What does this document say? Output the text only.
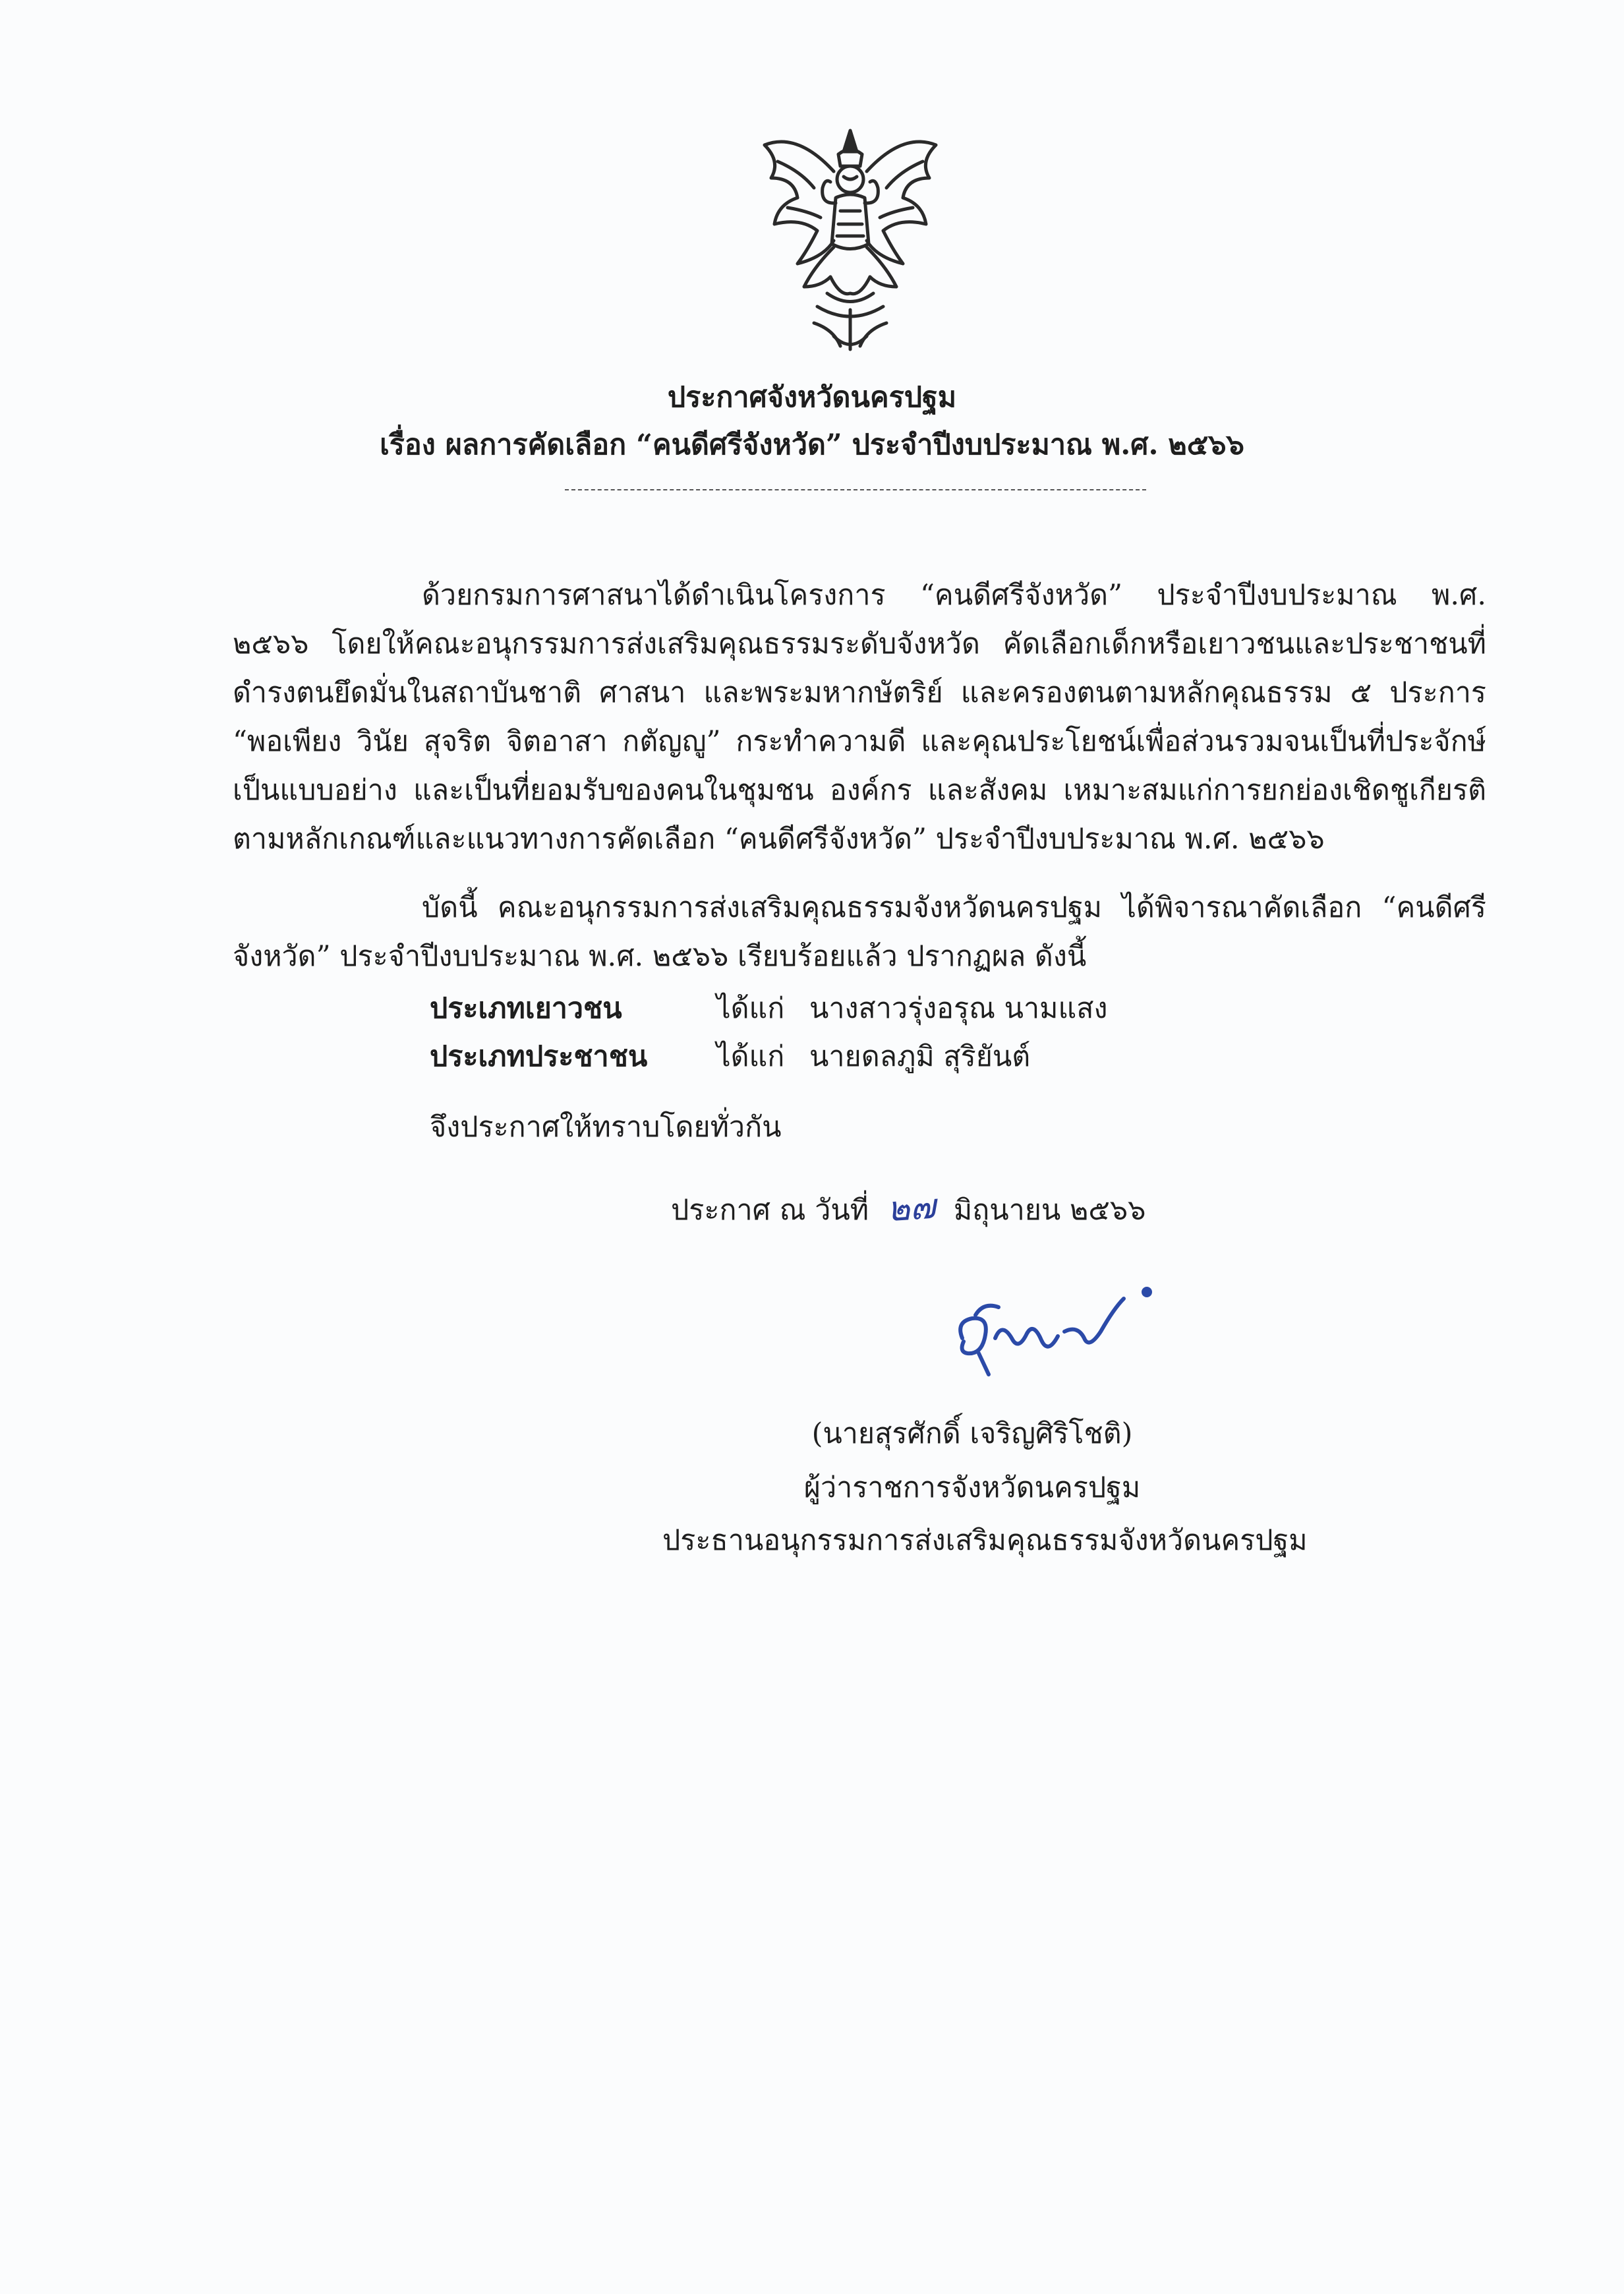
ประกาศจังหวัดนครปฐม
เรื่อง ผลการคัดเลือก “คนดีศรีจังหวัด” ประจำปีงบประมาณ พ.ศ. ๒๕๖๖

ด้วยกรมการศาสนาได้ดำเนินโครงการ “คนดีศรีจังหวัด” ประจำปีงบประมาณ พ.ศ. ๒๕๖๖ โดยให้คณะอนุกรรมการส่งเสริมคุณธรรมระดับจังหวัด คัดเลือกเด็กหรือเยาวชนและประชาชนที่ดำรงตนยึดมั่นในสถาบันชาติ ศาสนา และพระมหากษัตริย์ และครองตนตามหลักคุณธรรม ๕ ประการ “พอเพียง วินัย สุจริต จิตอาสา กตัญญู” กระทำความดี และคุณประโยชน์เพื่อส่วนรวมจนเป็นที่ประจักษ์ เป็นแบบอย่าง และเป็นที่ยอมรับของคนในชุมชน องค์กร และสังคม เหมาะสมแก่การยกย่องเชิดชูเกียรติ ตามหลักเกณฑ์และแนวทางการคัดเลือก “คนดีศรีจังหวัด” ประจำปีงบประมาณ พ.ศ. ๒๕๖๖

บัดนี้ คณะอนุกรรมการส่งเสริมคุณธรรมจังหวัดนครปฐม ได้พิจารณาคัดเลือก “คนดีศรีจังหวัด” ประจำปีงบประมาณ พ.ศ. ๒๕๖๖ เรียบร้อยแล้ว ปรากฏผล ดังนี้

ประเภทเยาวชน	ได้แก่ นางสาวรุ่งอรุณ นามแสง
ประเภทประชาชน ได้แก่ นายดลภูมิ สุริยันต์
จึงประกาศให้ทราบโดยทั่วกัน
ประกาศ ณ วันที่ ๒๗ มิถุนายน ๒๕๖๖
(นายสุรศักดิ์ เจริญศิริโชติ)
ผู้ว่าราชการจังหวัดนครปฐม
ประธานอนุกรรมการส่งเสริมคุณธรรมจังหวัดนครปฐม
